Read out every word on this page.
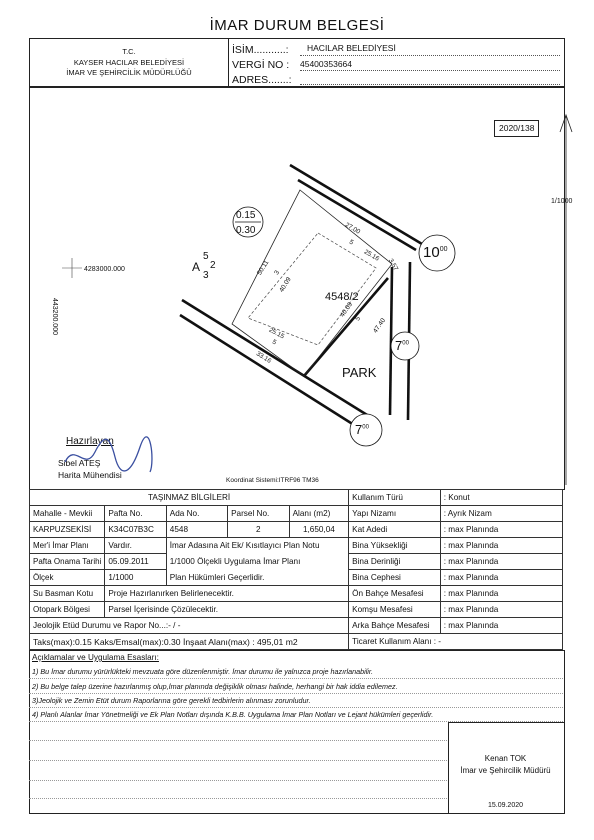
İMAR DURUM BELGESİ
T.C.
KAYSER HACILAR BELEDİYESİ
İMAR VE ŞEHİRCİLİK MÜDÜRLÜĞÜ
İSİM...........: HACILAR BELEDİYESİ
VERGİ NO : 45400353664
ADRES.......:
2020/138
1/1000
4283000.000
443200.000
0.15
0.30
A
5
2
3
4548/2
PARK
$10^{00}$
$7^{00}$
$7^{00}$
27.00
5
25.16
3.57
50.11 3
40.09
40.09
5 47.40
25.15
5
33.16
Hazırlayan
Sibel ATEŞ
Harita Mühendisi
Koordinat Sistemi:ITRF96 TM36
TAŞINMAZ BİLGİLERİ					Kullanım Türü	: Konut
Mahalle - Mevkii	Pafta No.	Ada No.	Parsel No.	Alanı (m2)	Yapı Nizamı	: Ayrık Nizam
KARPUZSEKİSİ	K34C07B3C	4548	2	1,650,04	Kat Adedi	: max Planında
Mer'i İmar Planı	Vardır.	İmar Adasına Ait Ek/ Kısıtlayıcı Plan Notu			Bina Yüksekliği	: max Planında
Pafta Onama Tarihi	05.09.2011	1/1000 Ölçekli Uygulama İmar Planı			Bina Derinliği	: max Planında
Ölçek	1/1000	Plan Hükümleri Geçerlidir.			Bina Cephesi	: max Planında
Su Basman Kotu	Proje Hazırlanırken Belirlenecektir.				Ön Bahçe Mesafesi	: max Planında
Otopark Bölgesi	Parsel İçerisinde Çözülecektir.				Komşu Mesafesi	: max Planında
Jeolojik Etüd Durumu ve Rapor No...:- / -					Arka Bahçe Mesafesi	: max Planında
Taks(max):0.15 Kaks/Emsal(max):0.30 İnşaat Alanı(max) : 495,01 m2					Ticaret Kullanım Alanı : -	
Açıklamalar ve Uygulama Esasları:
1) Bu İmar durumu yürürlükteki mevzuata göre düzenlenmiştir. İmar durumu ile yalnızca proje hazırlanabilir.
2) Bu belge talep üzerine hazırlanmış olup,İmar planında değişiklik olması halinde, herhangi bir hak iddia edilemez.
3)Jeolojik ve Zemin Etüt durum Raporlarına göre gerekli tedbirlerin alınması zorunludur.
4) Planlı Alanlar İmar Yönetmeliği ve Ek Plan Notları dışında K.B.B. Uygulama İmar Plan Notları ve Lejant hükümleri geçerlidir.
Kenan TOK
İmar ve Şehircilik Müdürü
15.09.2020
